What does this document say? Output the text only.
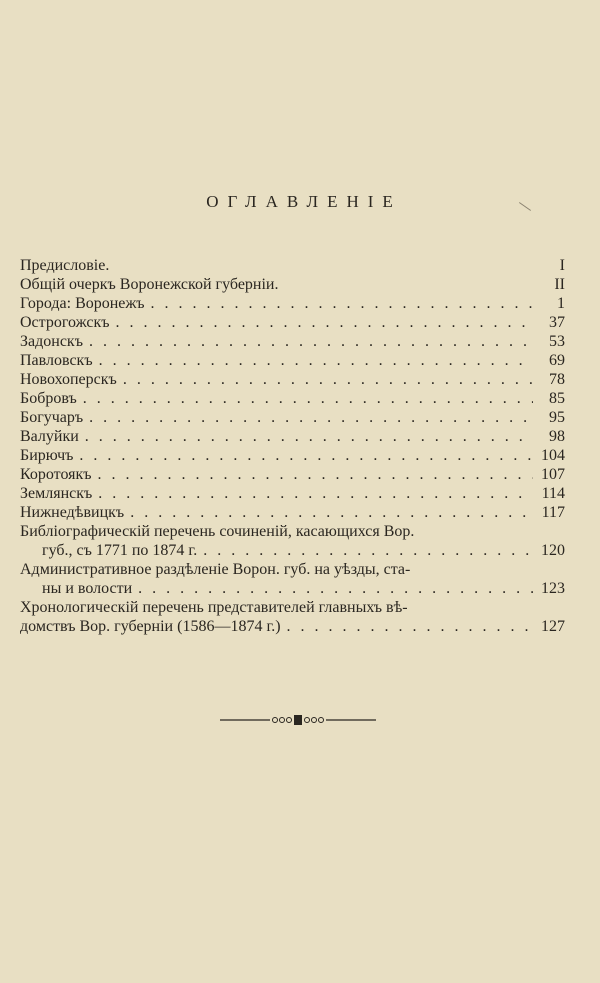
ОГЛАВЛЕНІЕ
Предисловіе.	I
Общій очеркъ Воронежской губерніи.	II
Города: Воронежъ . . .	1
Острогожскъ . . .	37
Задонскъ . . .	53
Павловскъ . . .	69
Новохоперскъ . . .	78
Бобровъ . . .	85
Богучаръ . . .	95
Валуйки . . .	98
Бирючъ . . .	104
Коротоякъ . . .	107
Землянскъ . . .	114
Нижнедѣвицкъ . . .	117
Библіографическій перечень сочиненій, касающихся Вор.
губ., съ 1771 по 1874 г. . . .	120
Административное раздѣленіе Ворон. губ. на уѣзды, ста-
ны и волости . . .	123
Хронологическій перечень представителей главныхъ вѣ-
домствъ Вор. губерніи (1586—1874 г.) . . .	127
